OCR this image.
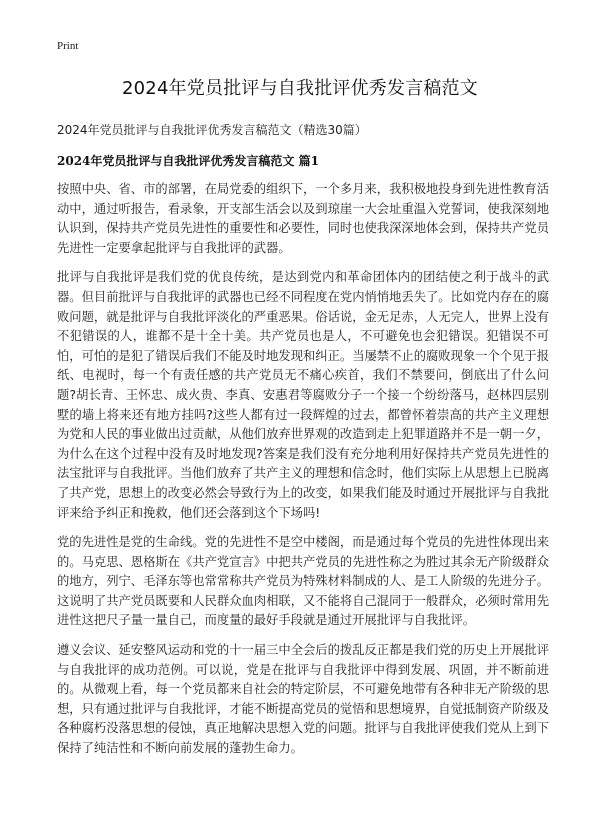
Print
2024年党员批评与自我批评优秀发言稿范文
2024年党员批评与自我批评优秀发言稿范文（精选30篇）
2024年党员批评与自我批评优秀发言稿范文 篇1

按照中央、省、市的部署，在局党委的组织下，一个多月来，我积极地投身到先进性教育活动中，通过听报告，看录象，开支部生活会以及到琼崖一大会址重温入党誓词，使我深刻地认识到，保持共产党员先进性的重要性和必要性，同时也使我深深地体会到，保持共产党员先进性一定要拿起批评与自我批评的武器。

批评与自我批评是我们党的优良传统，是达到党内和革命团体内的团结使之利于战斗的武器。但目前批评与自我批评的武器也已经不同程度在党内悄悄地丢失了。比如党内存在的腐败问题，就是批评与自我批评淡化的严重恶果。俗话说，金无足赤，人无完人，世界上没有不犯错误的人，谁都不是十全十美。共产党员也是人，不可避免也会犯错误。犯错误不可怕，可怕的是犯了错误后我们不能及时地发现和纠正。当屡禁不止的腐败现象一个个见于报纸、电视时，每一个有责任感的共产党员无不痛心疾首，我们不禁要问，倒底出了什么问题?胡长青、王怀忠、成火贵、李真、安惠君等腐败分子一个接一个纷纷落马，赵林四层别墅的墙上将来还有地方挂吗?这些人都有过一段辉煌的过去，都曾怀着崇高的共产主义理想为党和人民的事业做出过贡献，从他们放弃世界观的改造到走上犯罪道路并不是一朝一夕，为什么在这个过程中没有及时地发现?答案是我们没有充分地利用好保持共产党员先进性的法宝批评与自我批评。当他们放弃了共产主义的理想和信念时，他们实际上从思想上已脱离了共产党，思想上的改变必然会导致行为上的改变，如果我们能及时通过开展批评与自我批评来给予纠正和挽救，他们还会落到这个下场吗!

党的先进性是党的生命线。党的先进性不是空中楼阁，而是通过每个党员的先进性体现出来的。马克思、恩格斯在《共产党宣言》中把共产党员的先进性称之为胜过其余无产阶级群众的地方，列宁、毛泽东等也常常称共产党员为特殊材料制成的人、是工人阶级的先进分子。这说明了共产党员既要和人民群众血肉相联，又不能将自己混同于一般群众，必须时常用先进性这把尺子量一量自己，而度量的最好手段就是通过开展批评与自我批评。

遵义会议、延安整风运动和党的十一届三中全会后的拨乱反正都是我们党的历史上开展批评与自我批评的成功范例。可以说，党是在批评与自我批评中得到发展、巩固，并不断前进的。从微观上看，每一个党员都来自社会的特定阶层，不可避免地带有各种非无产阶级的思想，只有通过批评与自我批评，才能不断提高党员的觉悟和思想境界，自觉抵制资产阶级及各种腐朽没落思想的侵蚀，真正地解决思想入党的问题。批评与自我批评使我们党从上到下保持了纯洁性和不断向前发展的蓬勃生命力。
